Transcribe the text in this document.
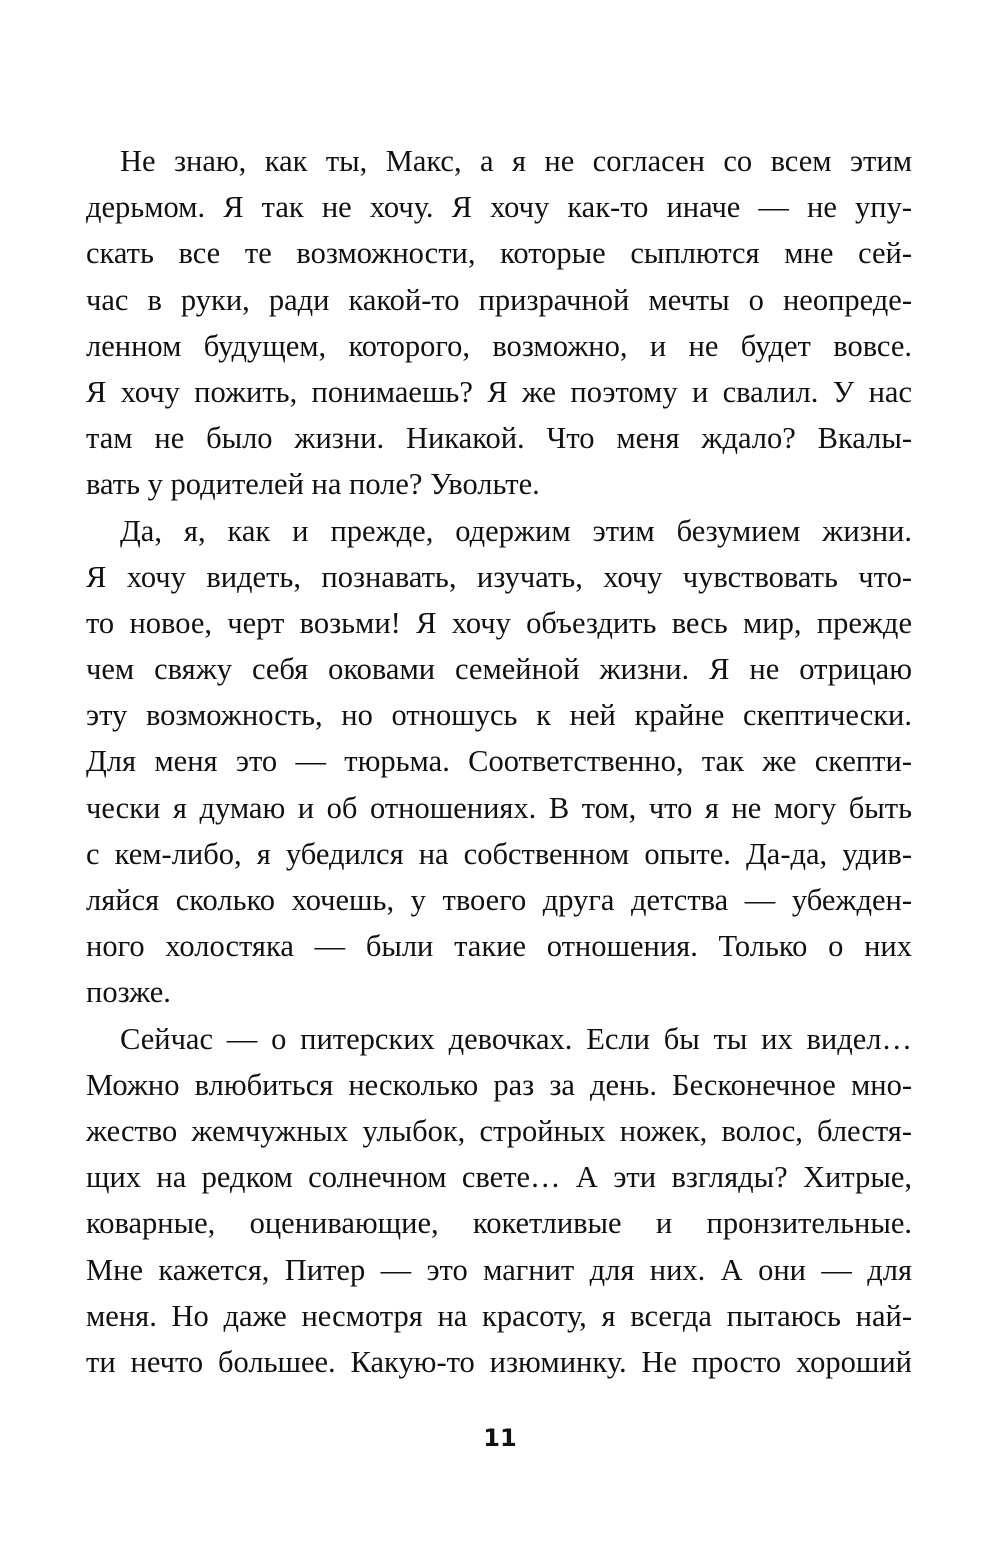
Не знаю, как ты, Макс, а я не согласен со всем этим
дерьмом. Я так не хочу. Я хочу как-то иначе — не упу-
скать все те возможности, которые сыплются мне сей-
час в руки, ради какой-то призрачной мечты о неопреде-
ленном будущем, которого, возможно, и не будет вовсе.
Я хочу пожить, понимаешь? Я же поэтому и свалил. У нас
там не было жизни. Никакой. Что меня ждало? Вкалы-
вать у родителей на поле? Увольте.
Да, я, как и прежде, одержим этим безумием жизни.
Я хочу видеть, познавать, изучать, хочу чувствовать что-
то новое, черт возьми! Я хочу объездить весь мир, прежде
чем свяжу себя оковами семейной жизни. Я не отрицаю
эту возможность, но отношусь к ней крайне скептически.
Для меня это — тюрьма. Соответственно, так же скепти-
чески я думаю и об отношениях. В том, что я не могу быть
с кем-либо, я убедился на собственном опыте. Да-да, удив-
ляйся сколько хочешь, у твоего друга детства — убежден-
ного холостяка — были такие отношения. Только о них
позже.
Сейчас — о питерских девочках. Если бы ты их видел…
Можно влюбиться несколько раз за день. Бесконечное мно-
жество жемчужных улыбок, стройных ножек, волос, блестя-
щих на редком солнечном свете… А эти взгляды? Хитрые,
коварные, оценивающие, кокетливые и пронзительные.
Мне кажется, Питер — это магнит для них. А они — для
меня. Но даже несмотря на красоту, я всегда пытаюсь най-
ти нечто большее. Какую-то изюминку. Не просто хороший
11
